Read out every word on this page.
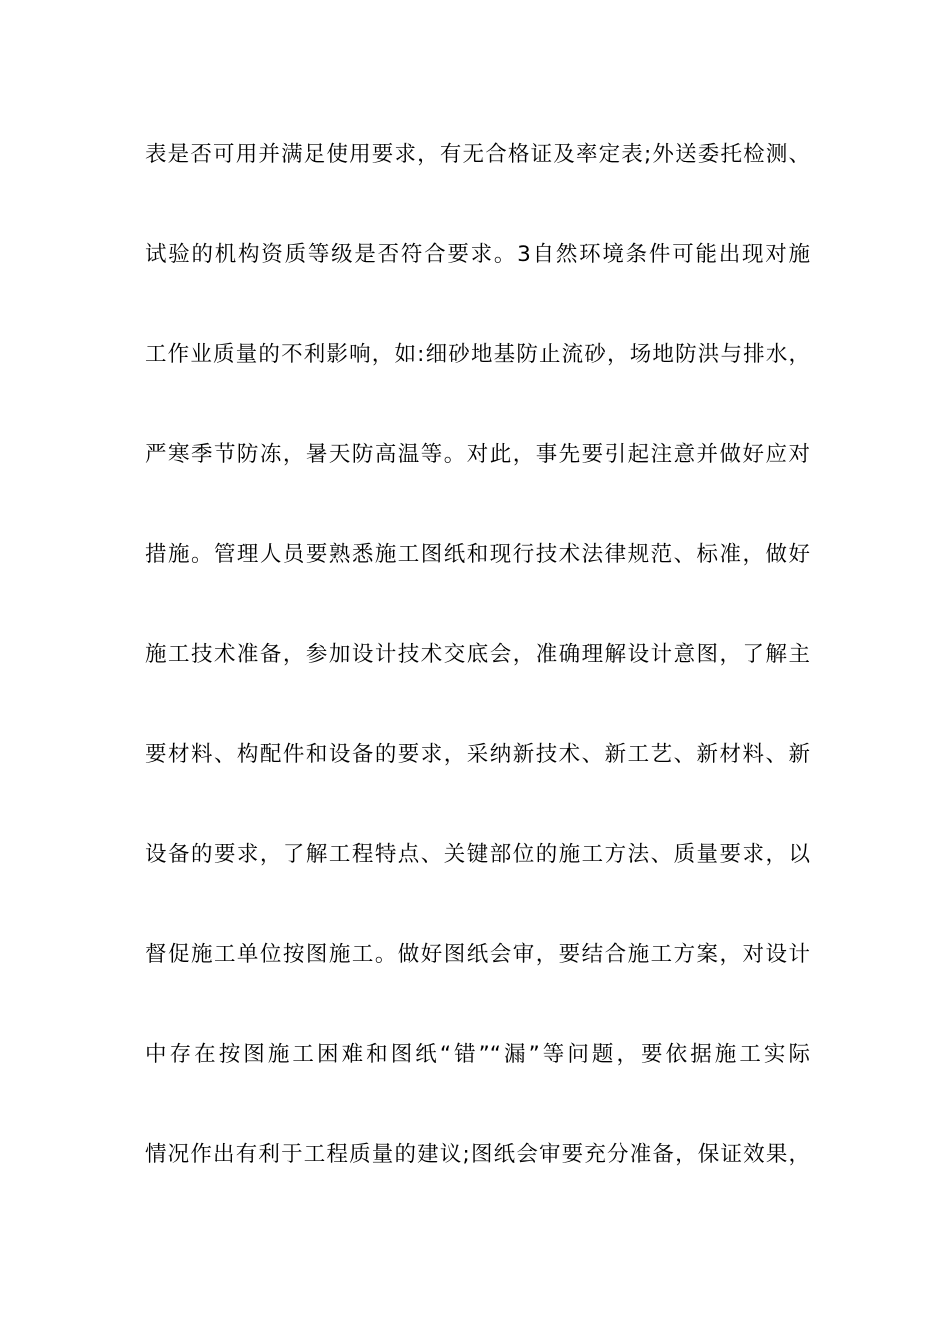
表是否可用并满足使用要求，有无合格证及率定表;外送委托检测、
试验的机构资质等级是否符合要求。3自然环境条件可能出现对施
工作业质量的不利影响，如:细砂地基防止流砂，场地防洪与排水，
严寒季节防冻，暑天防高温等。对此，事先要引起注意并做好应对
措施。管理人员要熟悉施工图纸和现行技术法律规范、标准，做好
施工技术准备，参加设计技术交底会，准确理解设计意图，了解主
要材料、构配件和设备的要求，采纳新技术、新工艺、新材料、新
设备的要求，了解工程特点、关键部位的施工方法、质量要求，以
督促施工单位按图施工。做好图纸会审，要结合施工方案，对设计
中存在按图施工困难和图纸“错”“漏”等问题，要依据施工实际
情况作出有利于工程质量的建议;图纸会审要充分准备，保证效果，
